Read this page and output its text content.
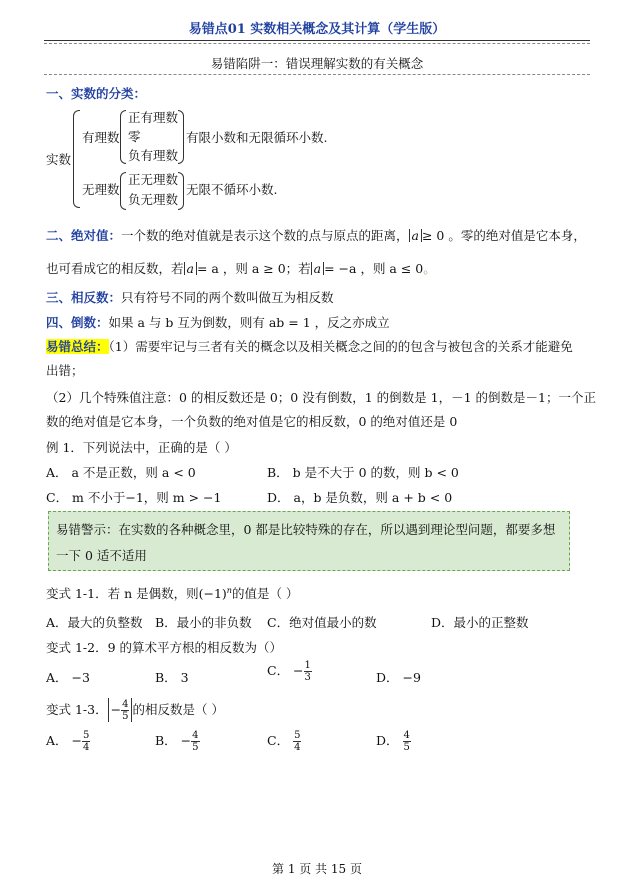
易错点01 实数相关概念及其计算（学生版）
易错陷阱一：错误理解实数的有关概念
一、实数的分类：
实数
有理数
正有理数
零
负有理数
有限小数和无限循环小数.
无理数
正无理数
负无理数
无限不循环小数.
二、绝对值：一个数的绝对值就是表示这个数的点与原点的距离， a ≥ 0 。零的绝对值是它本身，
也可看成它的相反数，若 a = a ，则 a ≥ 0；若 a = −a ，则 a ≤ 0。
三、相反数：只有符号不同的两个数叫做互为相反数
四、倒数：如果 a 与 b 互为倒数，则有 ab = 1 ，反之亦成立
易错总结：（1）需要牢记与三者有关的概念以及相关概念之间的的包含与被包含的关系才能避免
出错；
（2）几个特殊值注意：0 的相反数还是 0；0 没有倒数，1 的倒数是 1，－1 的倒数是－1；一个正
数的绝对值是它本身，一个负数的绝对值是它的相反数，0 的绝对值还是 0
例 1．下列说法中，正确的是（ ）
A． a 不是正数，则 a < 0	B． b 是不大于 0 的数，则 b < 0
C． m 不小于−1，则 m > −1	D． a，b 是负数，则 a + b < 0
易错警示：在实数的各种概念里，0 都是比较特殊的存在，所以遇到理论型问题，都要多想
一下 0 适不适用
变式 1-1．若 n 是偶数，则$(-1)^n$的值是（ ）
A．最大的负整数 B．最小的非负数 C．绝对值最小的数	D．最小的正整数
变式 1-2．9 的算术平方根的相反数为（）
A． −3	B． 3	C． − $\frac{1}{3}$	D． −9
变式 1-3． − $\frac{4}{5}$ 的相反数是（ ）
A． − $\frac{5}{4}$	B． − $\frac{4}{5}$	C． $\frac{5}{4}$	D． $\frac{4}{5}$
第 1 页 共 15 页
